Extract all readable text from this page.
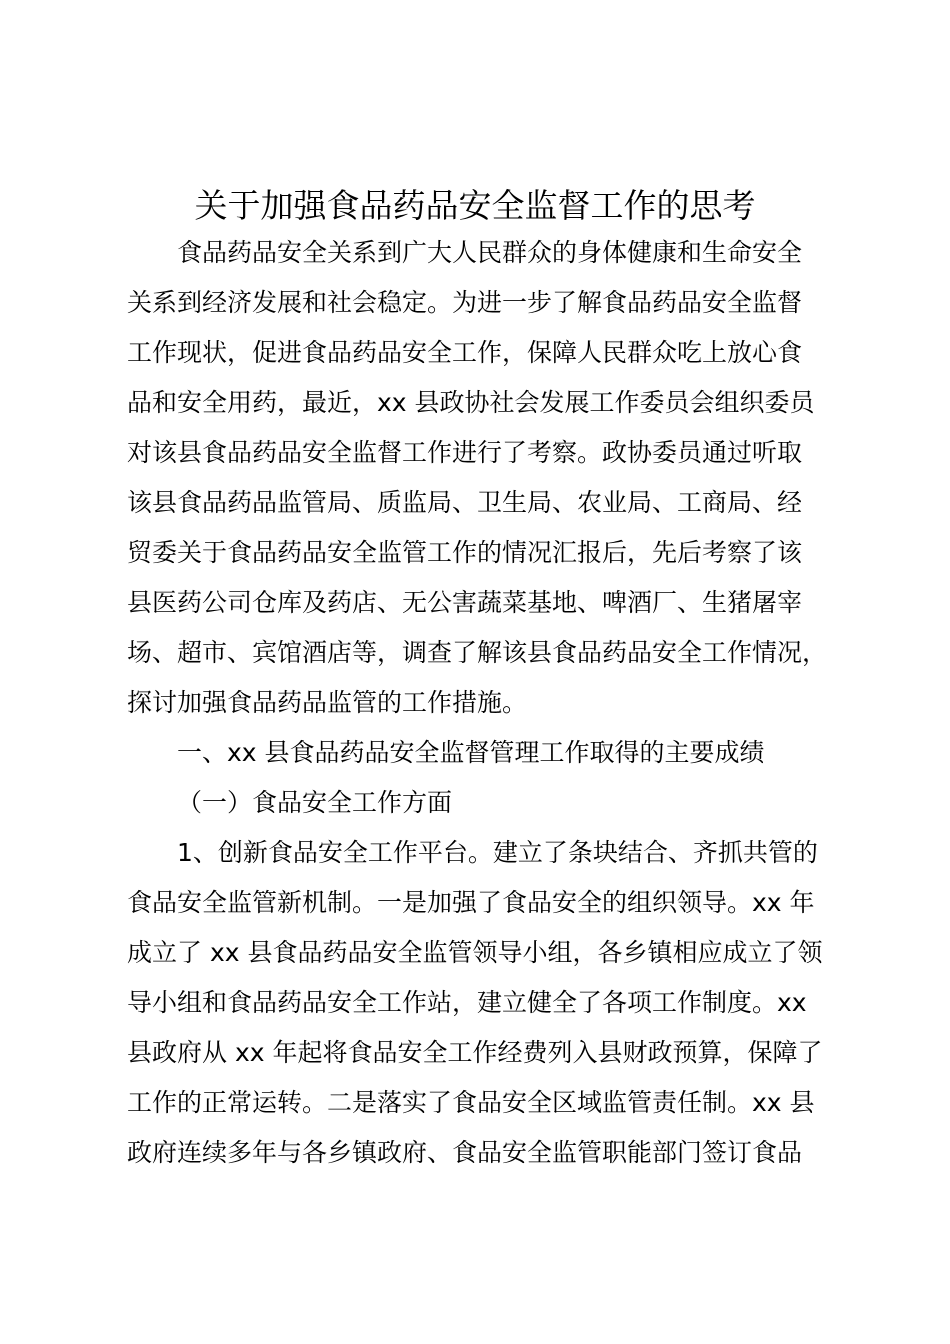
关于加强食品药品安全监督工作的思考
食品药品安全关系到广大人民群众的身体健康和生命安全
关系到经济发展和社会稳定。为进一步了解食品药品安全监督
工作现状，促进食品药品安全工作，保障人民群众吃上放心食
品和安全用药，最近，xx 县政协社会发展工作委员会组织委员
对该县食品药品安全监督工作进行了考察。政协委员通过听取
该县食品药品监管局、质监局、卫生局、农业局、工商局、经
贸委关于食品药品安全监管工作的情况汇报后，先后考察了该
县医药公司仓库及药店、无公害蔬菜基地、啤酒厂、生猪屠宰
场、超市、宾馆酒店等，调查了解该县食品药品安全工作情况，
探讨加强食品药品监管的工作措施。
一、xx 县食品药品安全监督管理工作取得的主要成绩
（一）食品安全工作方面
1、创新食品安全工作平台。建立了条块结合、齐抓共管的
食品安全监管新机制。一是加强了食品安全的组织领导。xx 年
成立了 xx 县食品药品安全监管领导小组，各乡镇相应成立了领
导小组和食品药品安全工作站，建立健全了各项工作制度。xx
县政府从 xx 年起将食品安全工作经费列入县财政预算，保障了
工作的正常运转。二是落实了食品安全区域监管责任制。xx 县
政府连续多年与各乡镇政府、食品安全监管职能部门签订食品
